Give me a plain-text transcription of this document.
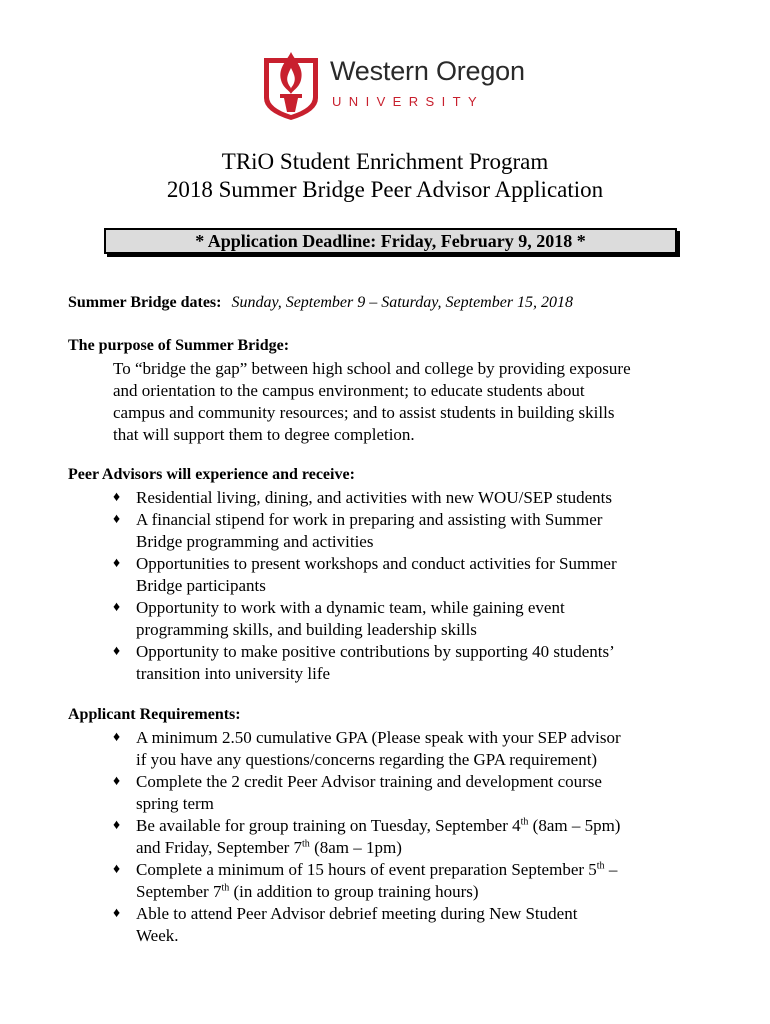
Western Oregon
UNIVERSITY
TRiO Student Enrichment Program
2018 Summer Bridge Peer Advisor Application
* Application Deadline: Friday, February 9, 2018 *
Summer Bridge dates: Sunday, September 9 – Saturday, September 15, 2018
The purpose of Summer Bridge:
To “bridge the gap” between high school and college by providing exposure
and orientation to the campus environment; to educate students about
campus and community resources; and to assist students in building skills
that will support them to degree completion.
Peer Advisors will experience and receive:
♦ Residential living, dining, and activities with new WOU/SEP students
♦ A financial stipend for work in preparing and assisting with Summer
Bridge programming and activities
♦ Opportunities to present workshops and conduct activities for Summer
Bridge participants
♦ Opportunity to work with a dynamic team, while gaining event
programming skills, and building leadership skills
♦ Opportunity to make positive contributions by supporting 40 students’
transition into university life
Applicant Requirements:
♦ A minimum 2.50 cumulative GPA (Please speak with your SEP advisor
if you have any questions/concerns regarding the GPA requirement)
♦ Complete the 2 credit Peer Advisor training and development course
spring term
♦ Be available for group training on Tuesday, September 4th (8am – 5pm)
and Friday, September 7th (8am – 1pm)
♦ Complete a minimum of 15 hours of event preparation September 5th –
September 7th (in addition to group training hours)
♦ Able to attend Peer Advisor debrief meeting during New Student
Week.
